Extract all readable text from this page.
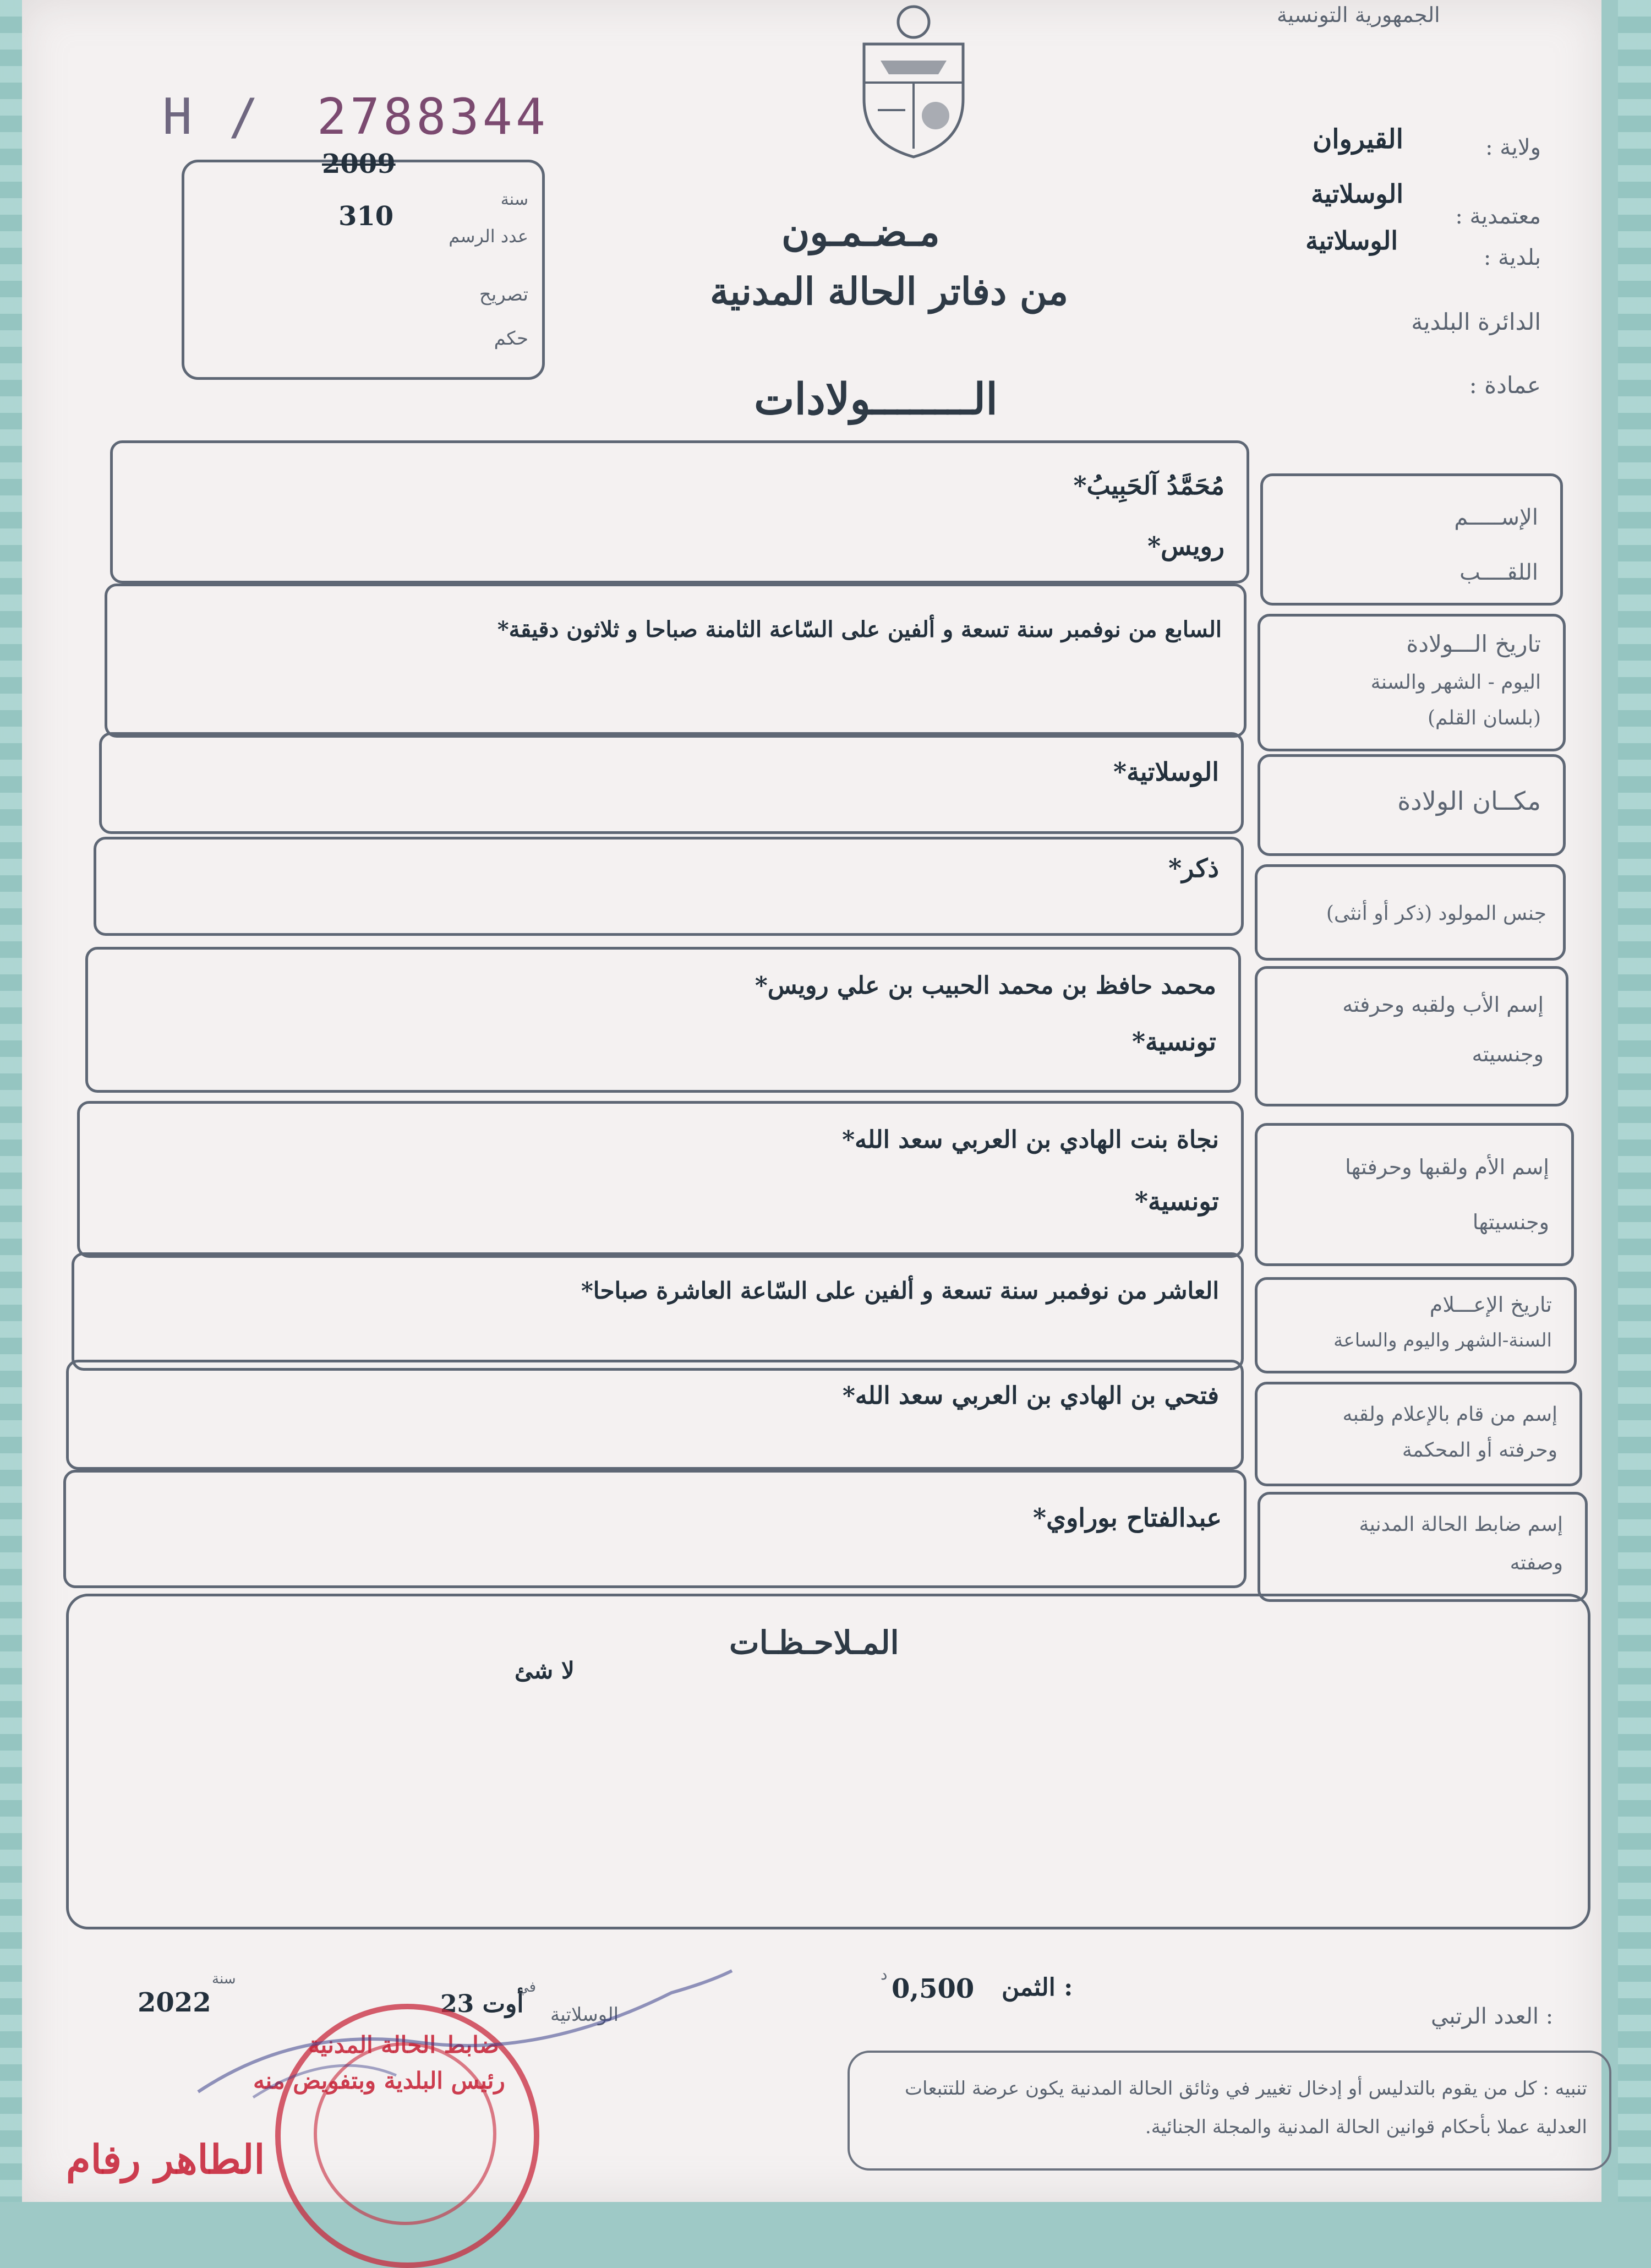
الجمهورية التونسية
H / 2788344
2009
سنة
310
عدد الرسم
تصريح
حكم
ولاية :
القيروان
معتمدية :
الوسلاتية
بلدية :
الوسلاتية
الدائرة البلدية
عمادة :
مـضـمـون
من دفاتر الحالة المدنية
الــــــــولادات
مُحَمَّدُ آلحَبِيبُ*
رويس*
الإســـــم
اللقــــب
السابع من نوفمبر سنة تسعة و ألفين على السّاعة الثامنة صباحا و ثلاثون دقيقة*
تاريخ الـــولادة
اليوم - الشهر والسنة
(بلسان القلم)
الوسلاتية*
مكــان الولادة
ذكر*
جنس المولود (ذكر أو أنثى)
محمد حافظ بن محمد الحبيب بن علي رويس*
تونسية*
إسم الأب ولقبه وحرفته
وجنسيته
نجاة بنت الهادي بن العربي سعد الله*
تونسية*
إسم الأم ولقبها وحرفتها
وجنسيتها
العاشر من نوفمبر سنة تسعة و ألفين على السّاعة العاشرة صباحا*
تاريخ الإعـــلام
السنة-الشهر واليوم والساعة
فتحي بن الهادي بن العربي سعد الله*
إسم من قام بالإعلام ولقبه
وحرفته أو المحكمة
عبدالفتاح بوراوي*	إسم ضابط الحالة المدنية
وصفته
المـلاحـظـات
لا شئ
العدد الرتبي :
الثمن :
0,500
د
الوسلاتية
في
23 أوت
سنة
2022
ضابط الحالة المدنية
رئيس البلدية وبتفويض منه
الطاهر رفام
تنبيه : كل من يقوم بالتدليس أو إدخال تغيير في وثائق الحالة المدنية يكون عرضة للتتبعات العدلية عملا بأحكام قوانين الحالة المدنية والمجلة الجنائية.
